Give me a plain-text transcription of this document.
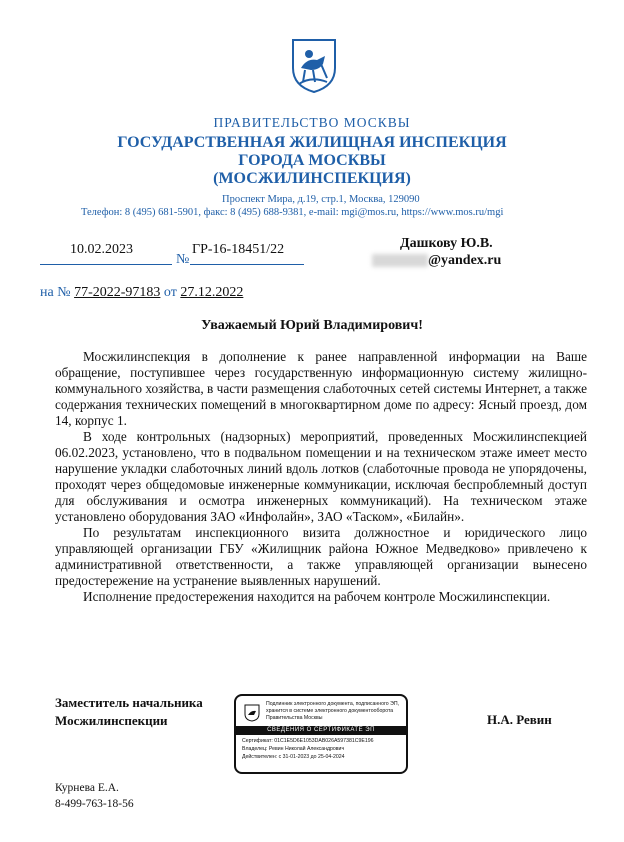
ПРАВИТЕЛЬСТВО МОСКВЫ
ГОСУДАРСТВЕННАЯ ЖИЛИЩНАЯ ИНСПЕКЦИЯ
ГОРОДА МОСКВЫ
(МОСЖИЛИНСПЕКЦИЯ)
Проспект Мира, д.19, стр.1, Москва, 129090
Телефон: 8 (495) 681-5901, факс: 8 (495) 688-9381, e-mail: mgi@mos.ru, https://www.mos.ru/mgi
10.02.2023
№
ГР-16-18451/22
на № 77-2022-97183 от 27.12.2022
Дашкову Ю.В.
@yandex.ru
Уважаемый Юрий Владимирович!

Мосжилинспекция в дополнение к ранее направленной информации на Ваше обращение, поступившее через государственную информационную систему жилищно-коммунального хозяйства, в части размещения слаботочных сетей системы Интернет, а также содержания технических помещений в многоквартирном доме по адресу: Ясный проезд, дом 14, корпус 1.

В ходе контрольных (надзорных) мероприятий, проведенных Мосжилинспекцией 06.02.2023, установлено, что в подвальном помещении и на техническом этаже имеет место нарушение укладки слаботочных линий вдоль лотков (слаботочные провода не упорядочены, проходят через общедомовые инженерные коммуникации, исключая беспроблемный доступ для обслуживания и осмотра инженерных коммуникаций). На техническом этаже установлено оборудования ЗАО «Инфолайн», ЗАО «Таском», «Билайн».

По результатам инспекционного визита должностное и юридического лицо управляющей организации ГБУ «Жилищник района Южное Медведково» привлечено к административной ответственности, а также управляющей организации вынесено предостережение на устранение выявленных нарушений.

Исполнение предостережения находится на рабочем контроле Мосжилинспекции.

Заместитель начальника
Мосжилинспекции	Н.А. Ревин
Подлинник электронного документа, подписанного ЭП, хранится в системе электронного документооборота Правительства Москвы
СВЕДЕНИЯ О СЕРТИФИКАТЕ ЭП
Сертификат: 01C1E5D6E1053DAB026A597381C9E196
Владелец: Ревин Николай Александрович
Действителен: с 31-01-2023 до 25-04-2024
Курнева Е.А.
8-499-763-18-56
